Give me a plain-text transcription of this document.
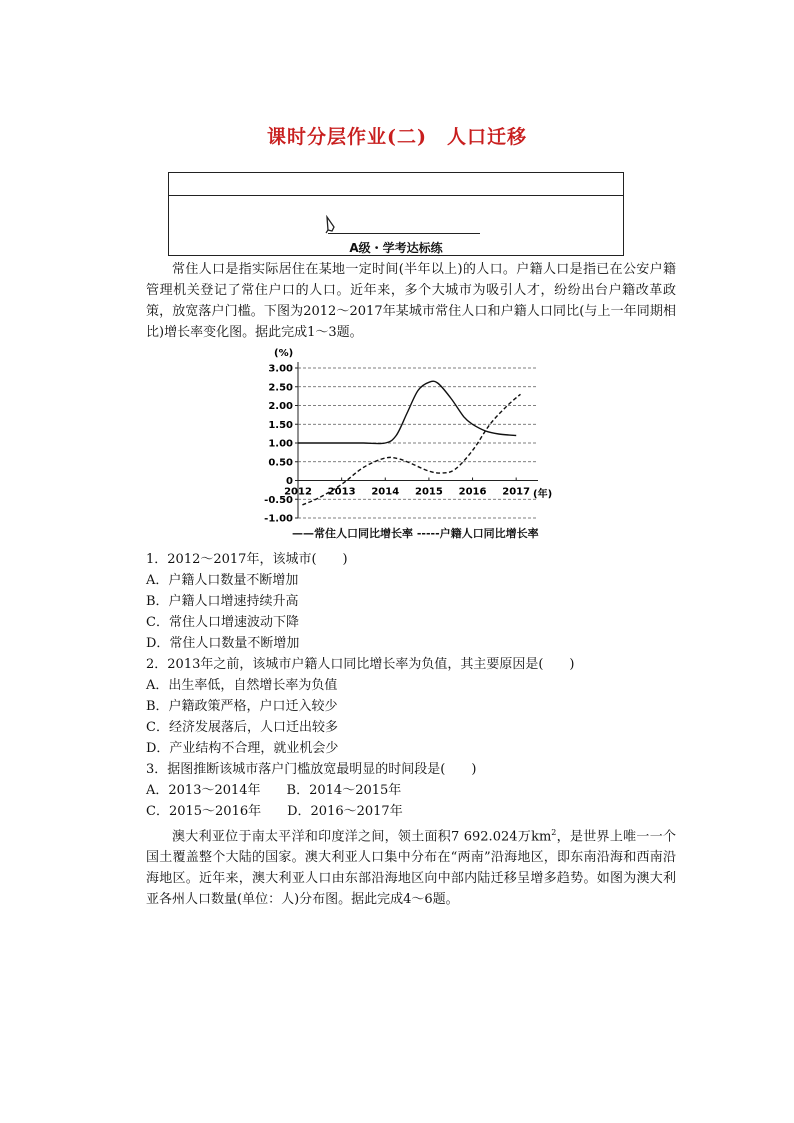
课时分层作业(二)　人口迁移
A级・学考达标练

常住人口是指实际居住在某地一定时间(半年以上)的人口。户籍人口是指已在公安户籍管理机关登记了常住户口的人口。近年来，多个大城市为吸引人才，纷纷出台户籍改革政策，放宽落户门槛。下图为2012～2017年某城市常住人口和户籍人口同比(与上一年同期相比)增长率变化图。据此完成1～3题。

3.00
2.50
2.00
1.50
1.00
0.50
0
-0.50
-1.00
2012 2013 2014 2015 2016 2017
(%)
(年)
——常住人口同比增长率 -----户籍人口同比增长率
1．2012～2017年，该城市(　　)
A．户籍人口数量不断增加
B．户籍人口增速持续升高
C．常住人口增速波动下降
D．常住人口数量不断增加
2．2013年之前，该城市户籍人口同比增长率为负值，其主要原因是(　　)
A．出生率低，自然增长率为负值
B．户籍政策严格，户口迁入较少
C．经济发展落后，人口迁出较多
D．产业结构不合理，就业机会少
3．据图推断该城市落户门槛放宽最明显的时间段是(　　)
A．2013～2014年　　B．2014～2015年
C．2015～2016年　　D．2016～2017年

澳大利亚位于南太平洋和印度洋之间，领土面积7 692.024万$km^2$，是世界上唯一一个国土覆盖整个大陆的国家。澳大利亚人口集中分布在“两南”沿海地区，即东南沿海和西南沿海地区。近年来，澳大利亚人口由东部沿海地区向中部内陆迁移呈增多趋势。如图为澳大利亚各州人口数量(单位：人)分布图。据此完成4～6题。
